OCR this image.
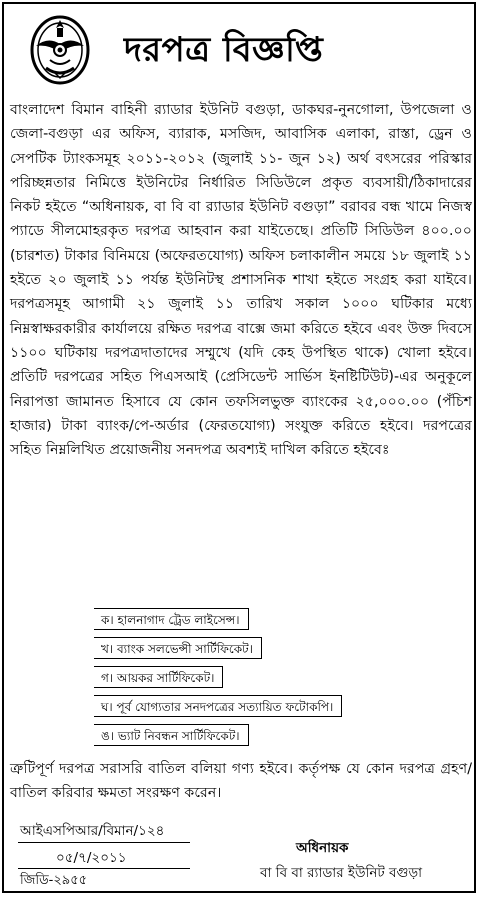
দরপত্র বিজ্ঞপ্তি
বাংলাদেশ বিমান বাহিনী র‍্যাডার ইউনিট বগুড়া, ডাকঘর-নুনগোলা, উপজেলা ও জেলা-বগুড়া এর অফিস, ব্যারাক, মসজিদ, আবাসিক এলাকা, রাস্তা, ড্রেন ও সেপটিক ট্যাংকসমূহ ২০১১-২০১২ (জুলাই ১১- জুন ১২) অর্থ বৎসরের পরিস্কার পরিচ্ছন্নতার নিমিত্তে ইউনিটের নির্ধারিত সিডিউলে প্রকৃত ব্যবসায়ী/ঠিকাদারের নিকট হইতে “অধিনায়ক, বা বি বা র‍্যাডার ইউনিট বগুড়া” বরাবর বন্ধ খামে নিজস্ব প্যাডে সীলমোহরকৃত দরপত্র আহবান করা যাইতেছে। প্রতিটি সিডিউল ৪০০.০০ (চারশত) টাকার বিনিময়ে (অফেরতযোগ্য) অফিস চলাকালীন সময়ে ১৮ জুলাই ১১ হইতে ২০ জুলাই ১১ পর্যন্ত ইউনিটস্থ প্রশাসনিক শাখা হইতে সংগ্রহ করা যাইবে। দরপত্রসমূহ আগামী ২১ জুলাই ১১ তারিখ সকাল ১০০০ ঘটিকার মধ্যে নিম্নস্বাক্ষরকারীর কার্যালয়ে রক্ষিত দরপত্র বাক্সে জমা করিতে হইবে এবং উক্ত দিবসে ১১০০ ঘটিকায় দরপত্রদাতাদের সম্মুখে (যদি কেহ উপস্থিত থাকে) খোলা হইবে। প্রতিটি দরপত্রের সহিত পিএসআই (প্রেসিডেন্ট সার্ভিস ইনষ্টিটিউট)-এর অনুকূলে নিরাপত্তা জামানত হিসাবে যে কোন তফসিলভুক্ত ব্যাংকের ২৫,০০০.০০ (পঁচিশ হাজার) টাকা ব্যাংক/পে-অর্ডার (ফেরতযোগ্য) সংযুক্ত করিতে হইবে। দরপত্রের সহিত নিম্নলিখিত প্রয়োজনীয় সনদপত্র অবশ্যই দাখিল করিতে হইবেঃ
ক। হালনাগাদ ট্রেড লাইসেন্স।
খ। ব্যাংক সলভেন্সী সার্টিফিকেট।
গ। আয়কর সার্টিফিকেট।
ঘ। পূর্ব যোগ্যতার সনদপত্রের সত্যায়িত ফটোকপি।
ঙ। ভ্যাট নিবন্ধন সার্টিফিকেট।
ত্রুটিপূর্ণ দরপত্র সরাসরি বাতিল বলিয়া গণ্য হইবে। কর্তৃপক্ষ যে কোন দরপত্র গ্রহণ/বাতিল করিবার ক্ষমতা সংরক্ষণ করেন।
আইএসপিআর/বিমান/১২৪
০৫/৭/২০১১
জিডি-২৯৫৫
অধিনায়ক
বা বি বা র‍্যাডার ইউনিট বগুড়া
